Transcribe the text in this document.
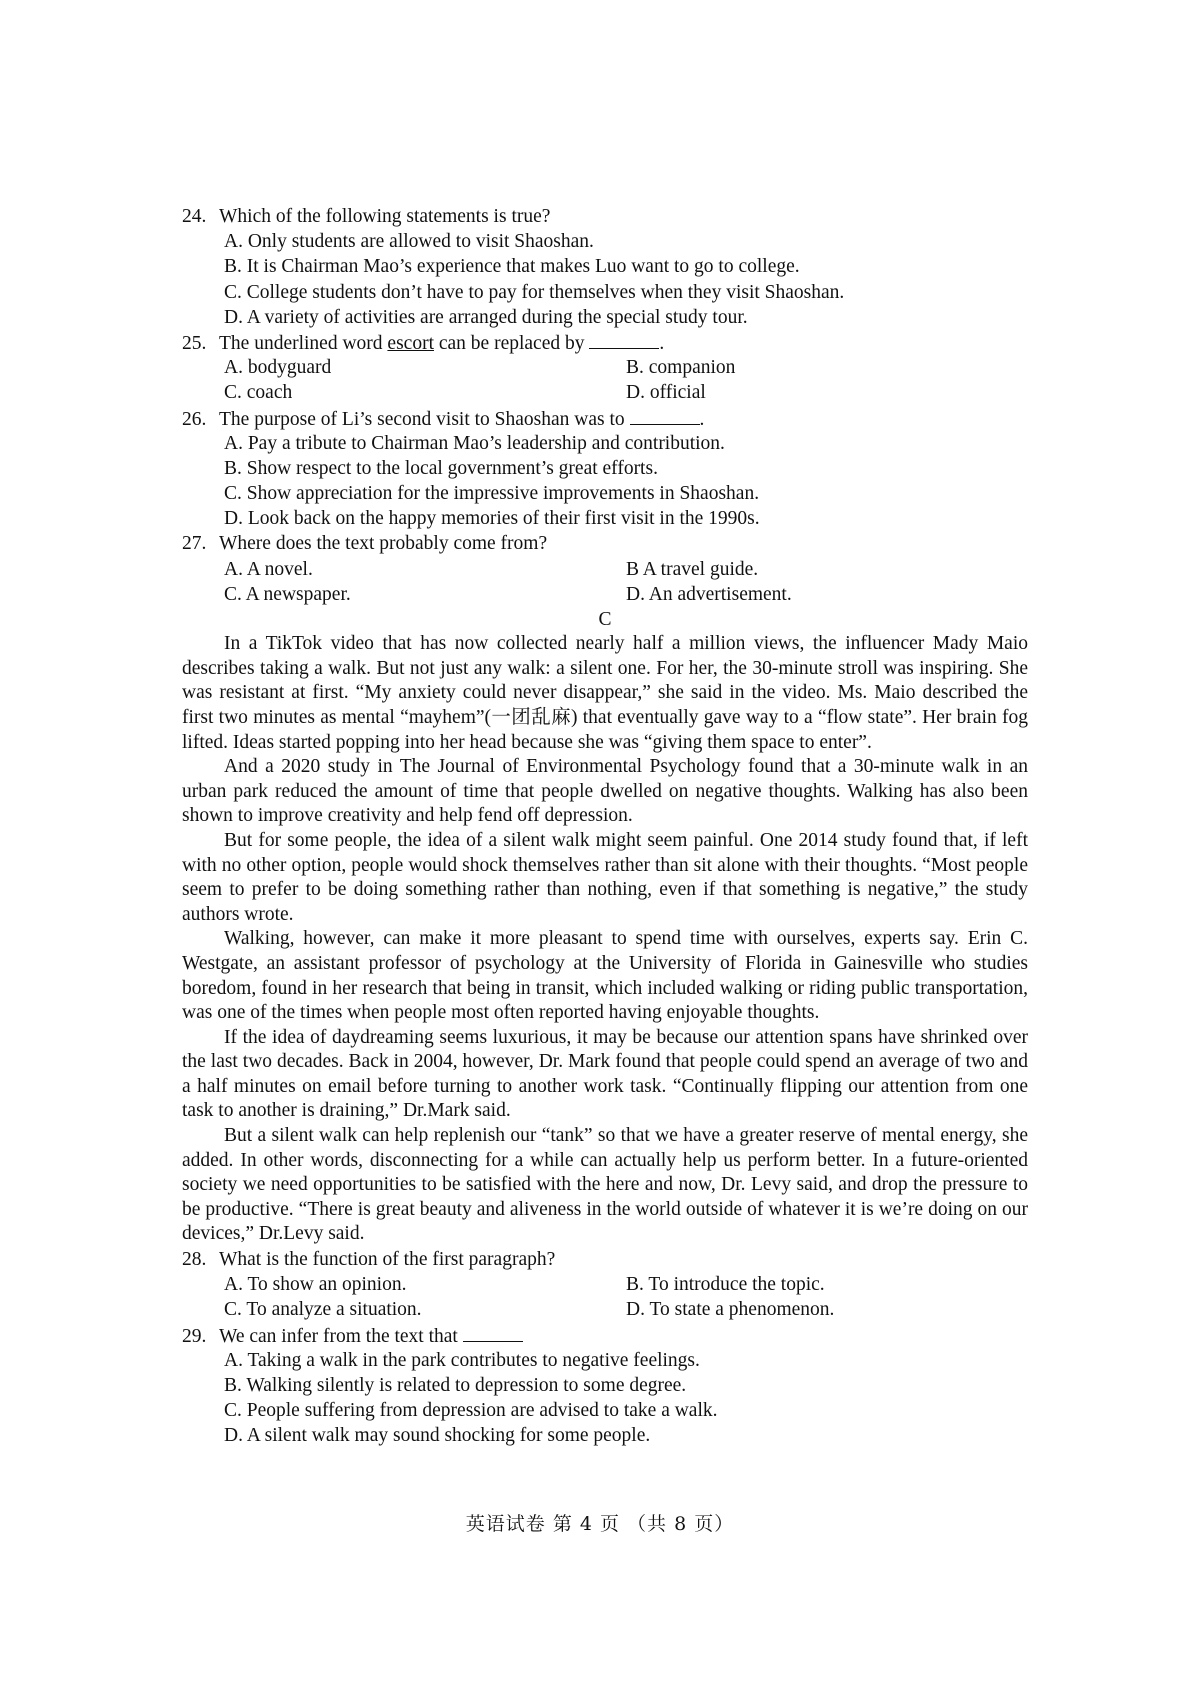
24. Which of the following statements is true?
A. Only students are allowed to visit Shaoshan.
B. It is Chairman Mao’s experience that makes Luo want to go to college.
C. College students don’t have to pay for themselves when they visit Shaoshan.
D. A variety of activities are arranged during the special study tour.
25. The underlined word escort can be replaced by	.
A. bodyguard	B. companion
C. coach	D. official
26. The purpose of Li’s second visit to Shaoshan was to	.
A. Pay a tribute to Chairman Mao’s leadership and contribution.
B. Show respect to the local government’s great efforts.
C. Show appreciation for the impressive improvements in Shaoshan.
D. Look back on the happy memories of their first visit in the 1990s.
27. Where does the text probably come from?
A. A novel.	B A travel guide.
C. A newspaper.	D. An advertisement.
C

In a TikTok video that has now collected nearly half a million views, the influencer Mady Maio describes taking a walk. But not just any walk: a silent one. For her, the 30-minute stroll was inspiring. She was resistant at first. “My anxiety could never disappear,” she said in the video. Ms. Maio described the first two minutes as mental “mayhem”(一团乱麻) that eventually gave way to a “flow state”. Her brain fog lifted. Ideas started popping into her head because she was “giving them space to enter”.

And a 2020 study in The Journal of Environmental Psychology found that a 30-minute walk in an urban park reduced the amount of time that people dwelled on negative thoughts. Walking has also been shown to improve creativity and help fend off depression.

But for some people, the idea of a silent walk might seem painful. One 2014 study found that, if left with no other option, people would shock themselves rather than sit alone with their thoughts. “Most people seem to prefer to be doing something rather than nothing, even if that something is negative,” the study authors wrote.

Walking, however, can make it more pleasant to spend time with ourselves, experts say. Erin C. Westgate, an assistant professor of psychology at the University of Florida in Gainesville who studies boredom, found in her research that being in transit, which included walking or riding public transportation, was one of the times when people most often reported having enjoyable thoughts.

If the idea of daydreaming seems luxurious, it may be because our attention spans have shrinked over the last two decades. Back in 2004, however, Dr. Mark found that people could spend an average of two and a half minutes on email before turning to another work task. “Continually flipping our attention from one task to another is draining,” Dr.Mark said.

But a silent walk can help replenish our “tank” so that we have a greater reserve of mental energy, she added. In other words, disconnecting for a while can actually help us perform better. In a future-oriented society we need opportunities to be satisfied with the here and now, Dr. Levy said, and drop the pressure to be productive. “There is great beauty and aliveness in the world outside of whatever it is we’re doing on our devices,” Dr.Levy said.

28. What is the function of the first paragraph?
A. To show an opinion.	B. To introduce the topic.
C. To analyze a situation.	D. To state a phenomenon.
29. We can infer from the text that
A. Taking a walk in the park contributes to negative feelings.
B. Walking silently is related to depression to some degree.
C. People suffering from depression are advised to take a walk.
D. A silent walk may sound shocking for some people.
英语试卷 第 4 页 （共 8 页）
